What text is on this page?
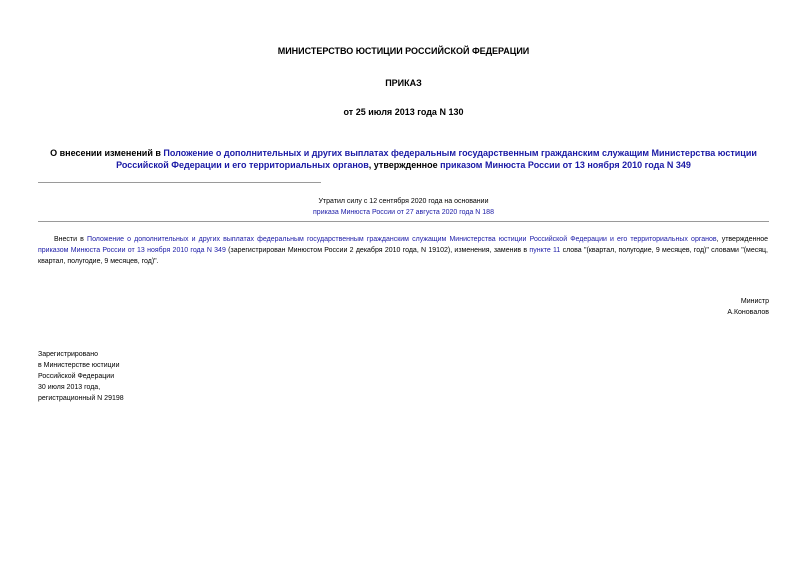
МИНИСТЕРСТВО ЮСТИЦИИ РОССИЙСКОЙ ФЕДЕРАЦИИ
ПРИКАЗ
от 25 июля 2013 года N 130
О внесении изменений в Положение о дополнительных и других выплатах федеральным государственным гражданским служащим Министерства юстиции Российской Федерации и его территориальных органов, утвержденное приказом Минюста России от 13 ноября 2010 года N 349
Утратил силу с 12 сентября 2020 года на основании
приказа Минюста России от 27 августа 2020 года N 188
Внести в Положение о дополнительных и других выплатах федеральным государственным гражданским служащим Министерства юстиции Российской Федерации и его территориальных органов, утвержденное приказом Минюста России от 13 ноября 2010 года N 349 (зарегистрирован Минюстом России 2 декабря 2010 года, N 19102), изменения, заменив в пункте 11 слова "(квартал, полугодие, 9 месяцев, год)" словами "(месяц, квартал, полугодие, 9 месяцев, год)".
Министр
А.Коновалов
Зарегистрировано
в Министерстве юстиции
Российской Федерации
30 июля 2013 года,
регистрационный N 29198
